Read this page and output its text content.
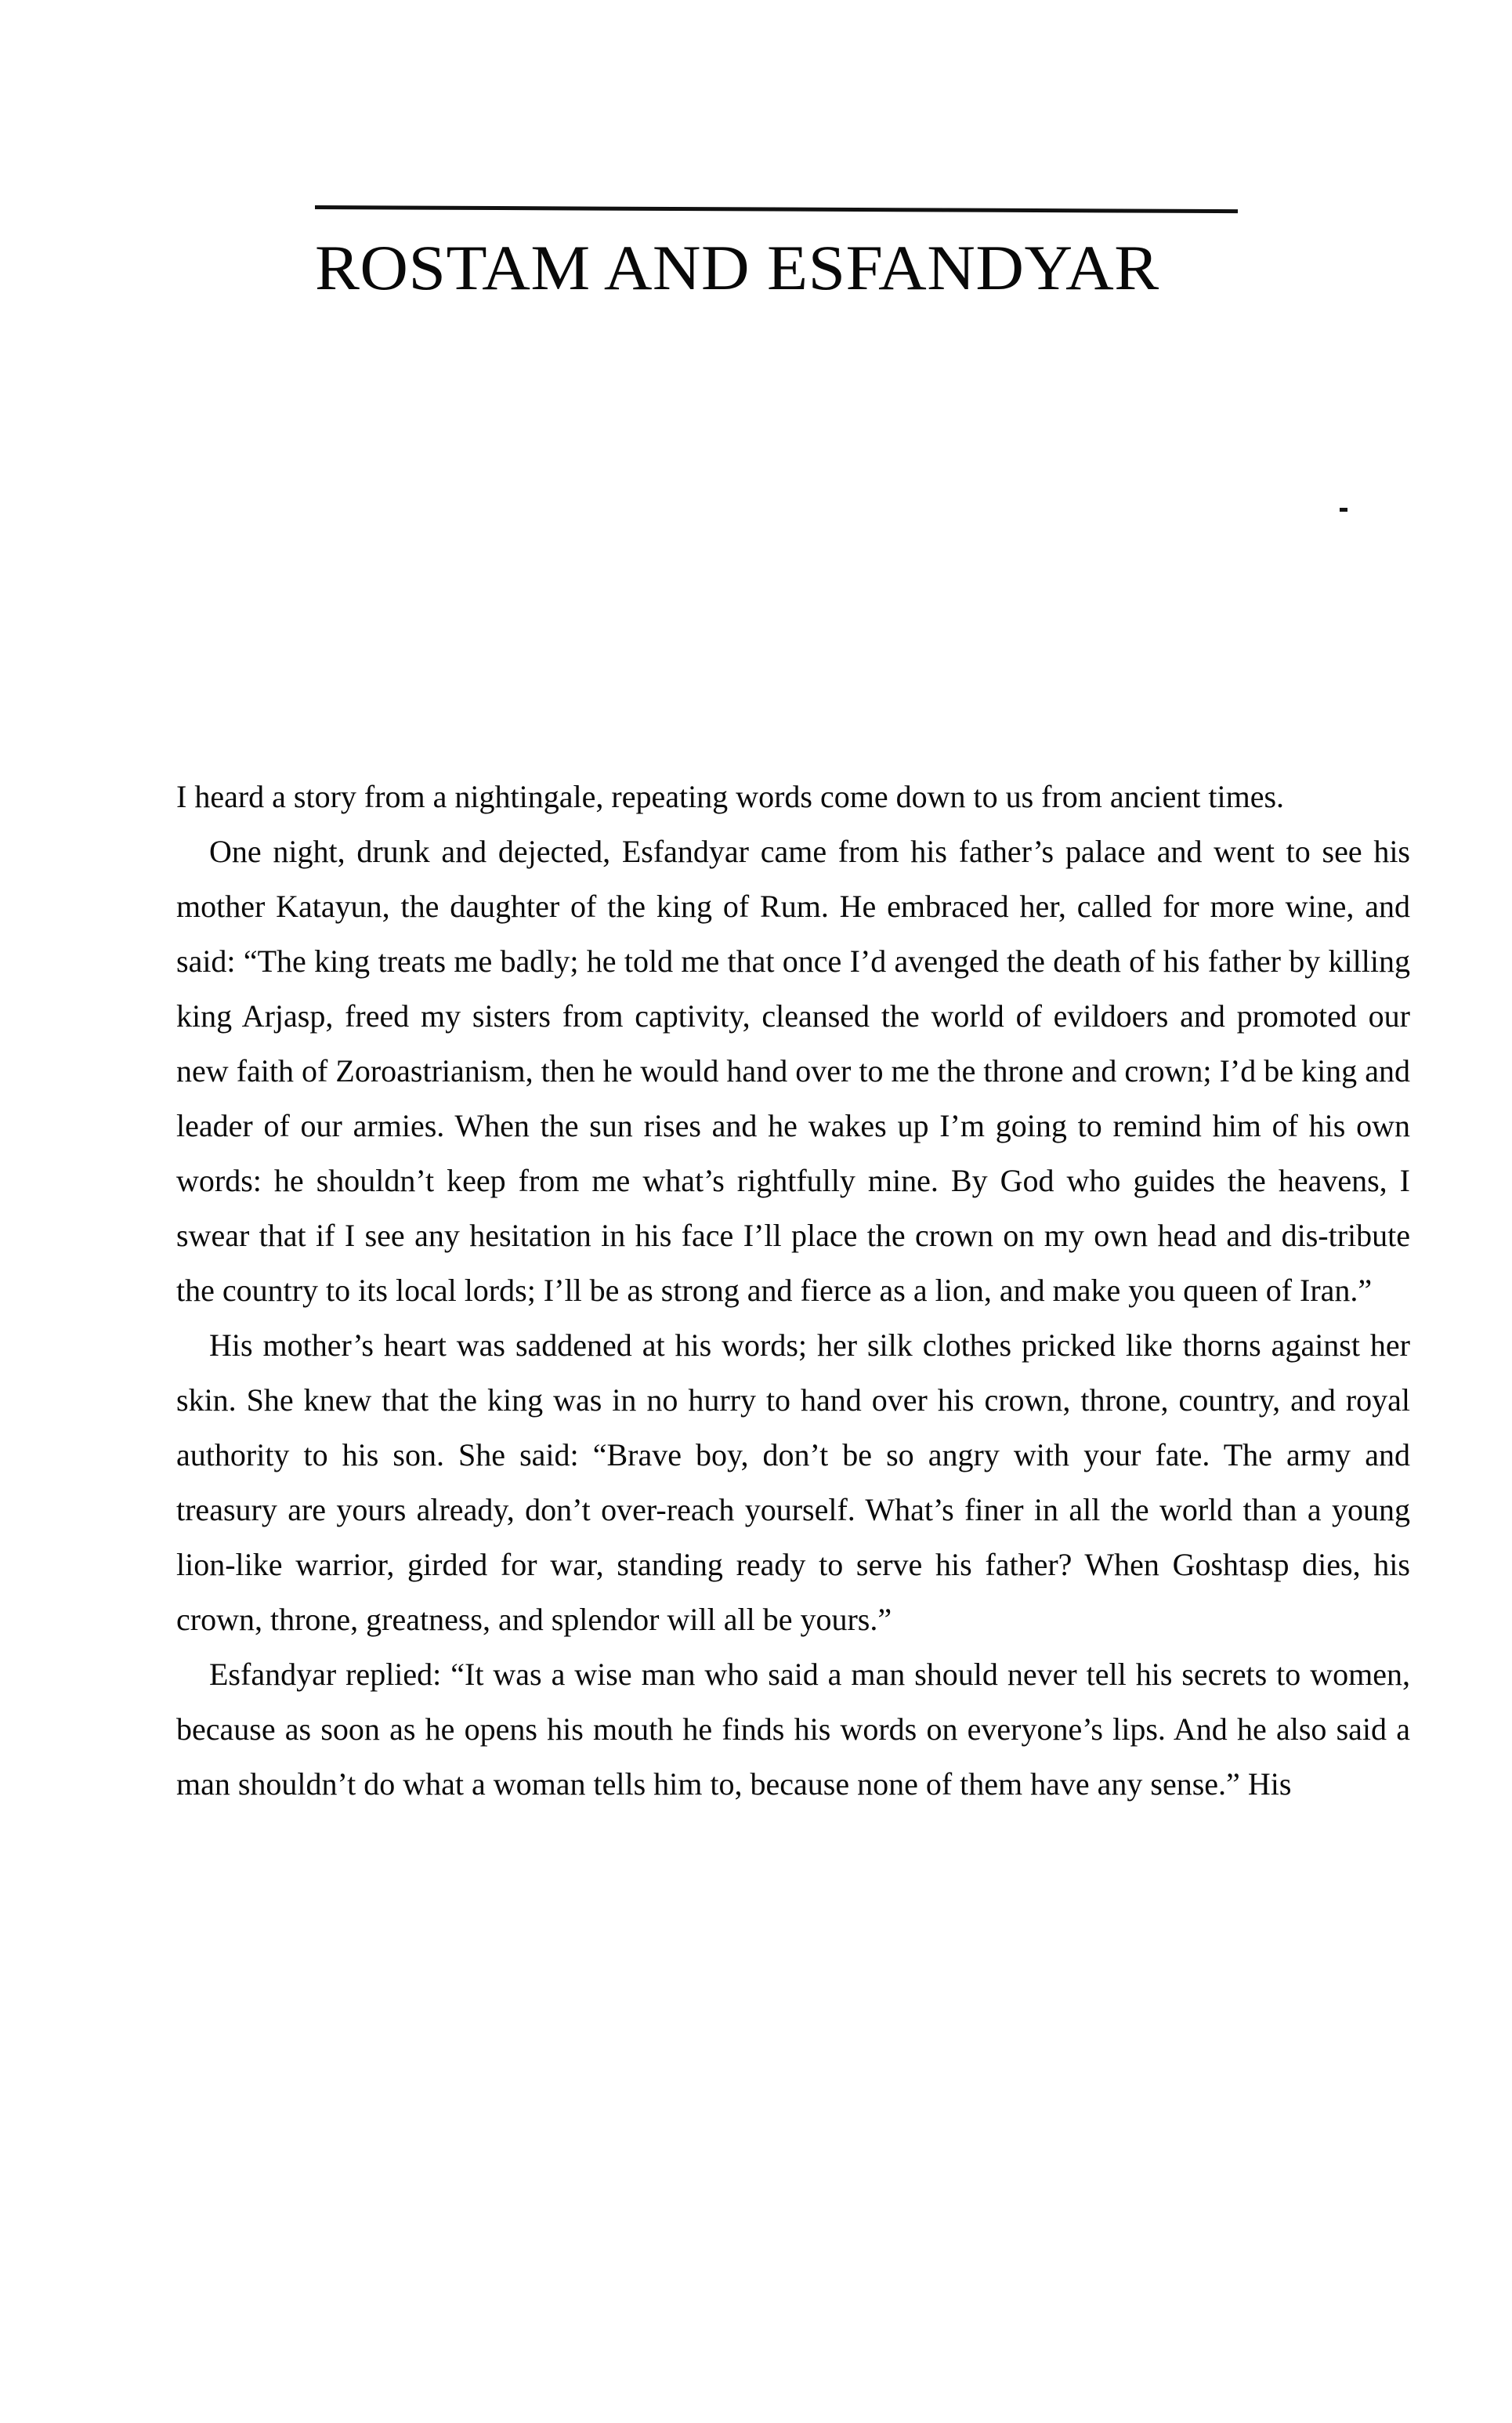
ROSTAM AND ESFANDYAR

I heard a story from a nightingale, repeating words come down to us from ancient times.

One night, drunk and dejected, Esfandyar came from his father’s palace and went to see his mother Katayun, the daughter of the king of Rum. He embraced her, called for more wine, and said: “The king treats me badly; he told me that once I’d avenged the death of his father by killing king Arjasp, freed my sisters from captivity, cleansed the world of evildoers and promoted our new faith of Zoroastrianism, then he would hand over to me the throne and crown; I’d be king and leader of our armies. When the sun rises and he wakes up I’m going to remind him of his own words: he shouldn’t keep from me what’s rightfully mine. By God who guides the heavens, I swear that if I see any hesitation in his face I’ll place the crown on my own head and dis-tribute the country to its local lords; I’ll be as strong and fierce as a lion, and make you queen of Iran.”

His mother’s heart was saddened at his words; her silk clothes pricked like thorns against her skin. She knew that the king was in no hurry to hand over his crown, throne, country, and royal authority to his son. She said: “Brave boy, don’t be so angry with your fate. The army and treasury are yours already, don’t over-reach yourself. What’s finer in all the world than a young lion-like warrior, girded for war, standing ready to serve his father? When Goshtasp dies, his crown, throne, greatness, and splendor will all be yours.”

Esfandyar replied: “It was a wise man who said a man should never tell his secrets to women, because as soon as he opens his mouth he finds his words on everyone’s lips. And he also said a man shouldn’t do what a woman tells him to, because none of them have any sense.” His
